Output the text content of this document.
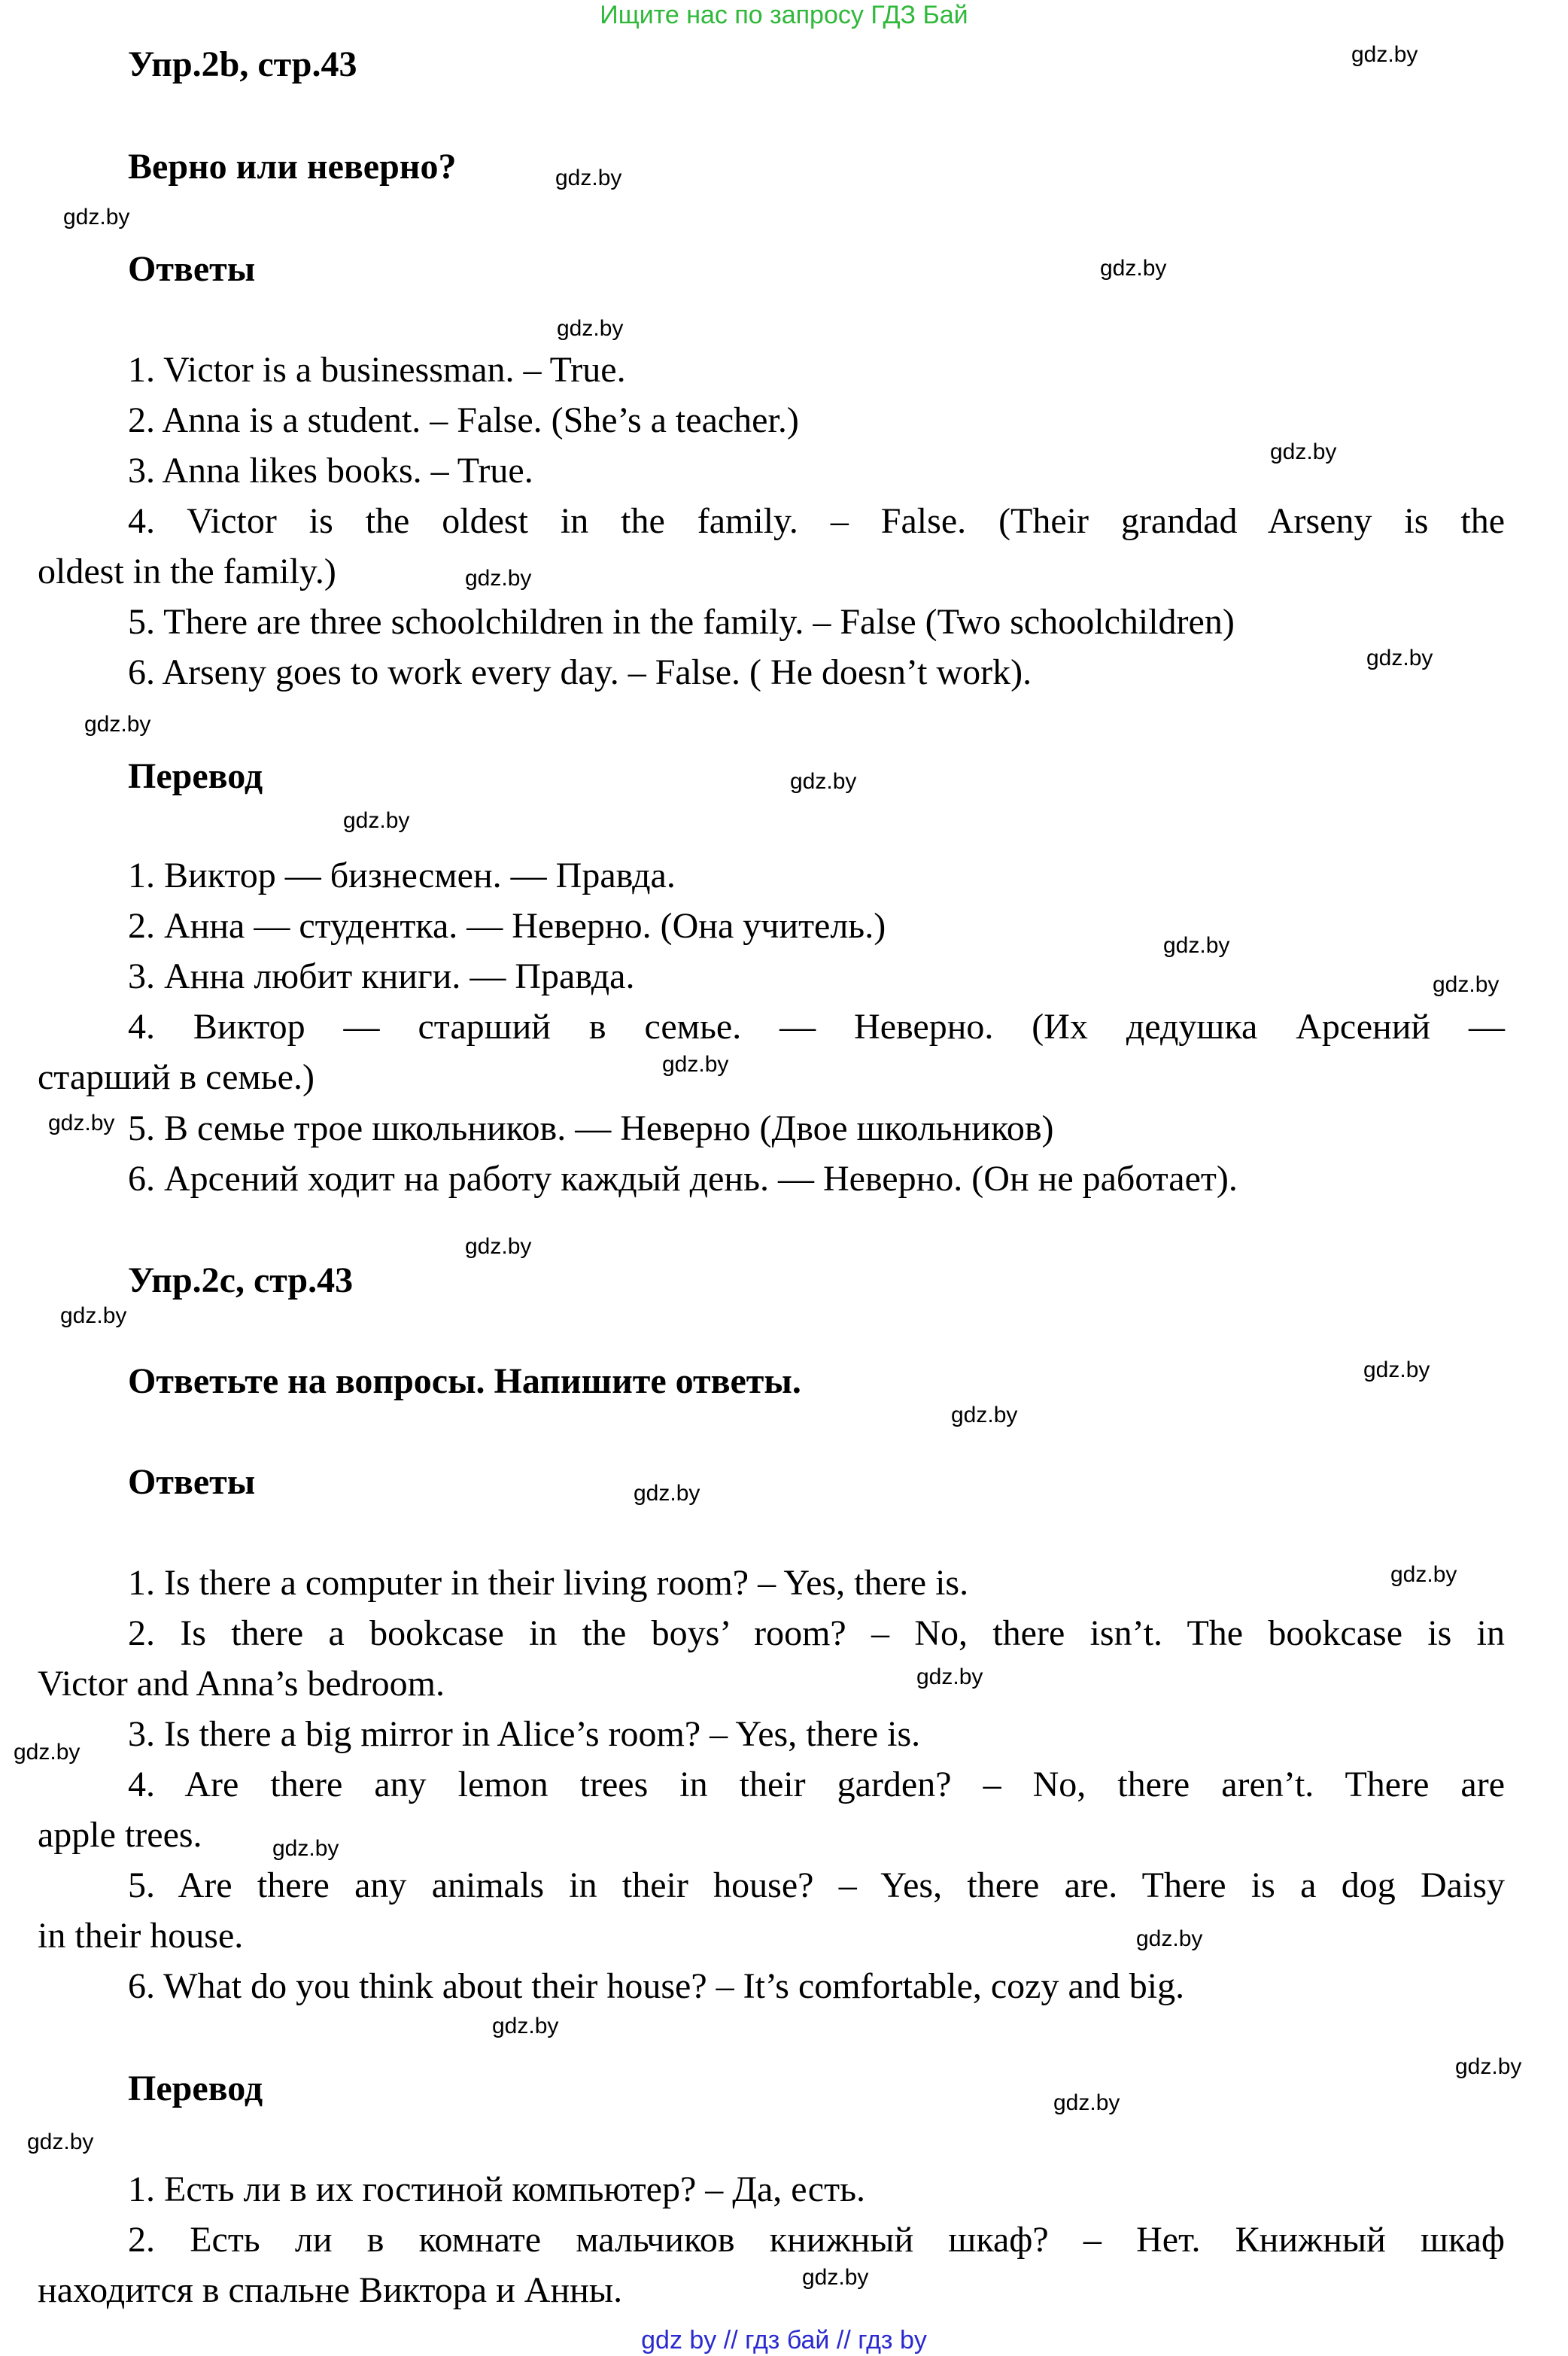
Ищите нас по запросу ГДЗ Бай
Упр.2b, стр.43
Верно или неверно?
Ответы
1. Victor is a businessman. – True.
2. Anna is a student. – False. (She’s a teacher.)
3. Anna likes books. – True.
4. Victor is the oldest in the family. – False. (Their grandad Arseny is the
oldest in the family.)
5. There are three schoolchildren in the family. – False (Two schoolchildren)
6. Arseny goes to work every day. – False. ( He doesn’t work).
Перевод
1. Виктор — бизнесмен. — Правда.
2. Анна — студентка. — Неверно. (Она учитель.)
3. Анна любит книги. — Правда.
4. Виктор — старший в семье. — Неверно. (Их дедушка Арсений —
старший в семье.)
5. В семье трое школьников. — Неверно (Двое школьников)
6. Арсений ходит на работу каждый день. — Неверно. (Он не работает).
Упр.2c, стр.43
Ответьте на вопросы. Напишите ответы.
Ответы
1. Is there a computer in their living room? – Yes, there is.
2. Is there a bookcase in the boys’ room? – No, there isn’t. The bookcase is in
Victor and Anna’s bedroom.
3. Is there a big mirror in Alice’s room? – Yes, there is.
4. Are there any lemon trees in their garden? – No, there aren’t. There are
apple trees.
5. Are there any animals in their house? – Yes, there are. There is a dog Daisy
in their house.
6. What do you think about their house? – It’s comfortable, cozy and big.
Перевод
1. Есть ли в их гостиной компьютер? – Да, есть.
2. Есть ли в комнате мальчиков книжный шкаф? – Нет. Книжный шкаф
находится в спальне Виктора и Анны.
gdz.by
gdz.by
gdz.by
gdz.by
gdz.by
gdz.by
gdz.by
gdz.by
gdz.by
gdz.by
gdz.by
gdz.by
gdz.by
gdz.by
gdz.by
gdz.by
gdz.by
gdz.by
gdz.by
gdz.by
gdz.by
gdz.by
gdz.by
gdz.by
gdz.by
gdz.by
gdz.by
gdz.by
gdz.by
gdz.by
gdz by // гдз бай // гдз by
